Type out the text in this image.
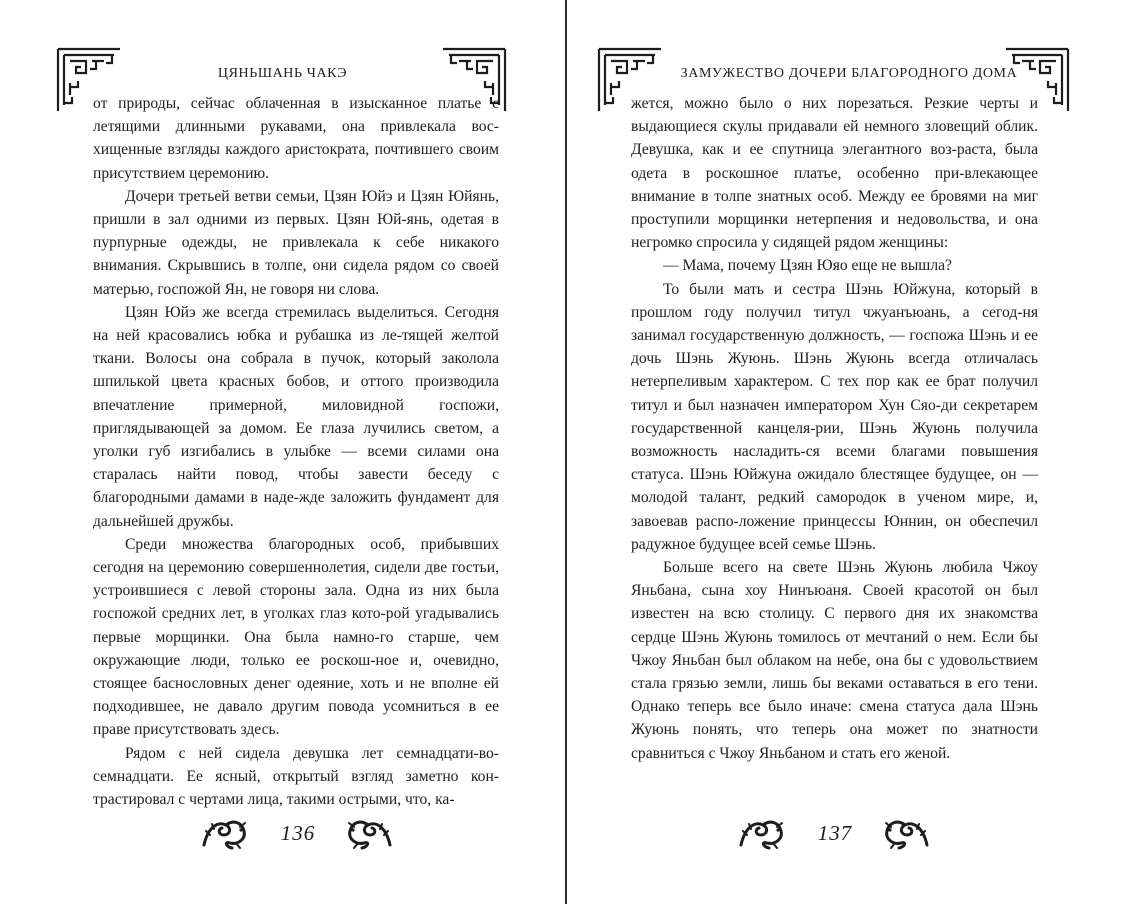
ЦЯНЬШАНЬ ЧАКЭ

от природы, сейчас облаченная в изысканное платье с летящими длинными рукавами, она привлекала вос-хищенные взгляды каждого аристократа, почтившего своим присутствием церемонию.

Дочери третьей ветви семьи, Цзян Юйэ и Цзян Юйянь, пришли в зал одними из первых. Цзян Юй-янь, одетая в пурпурные одежды, не привлекала к себе никакого внимания. Скрывшись в толпе, они сидела рядом со своей матерью, госпожой Ян, не говоря ни слова.

Цзян Юйэ же всегда стремилась выделиться. Сегодня на ней красовались юбка и рубашка из ле-тящей желтой ткани. Волосы она собрала в пучок, который заколола шпилькой цвета красных бобов, и оттого производила впечатление примерной, миловидной госпожи, приглядывающей за домом. Ее глаза лучились светом, а уголки губ изгибались в улыбке — всеми силами она старалась найти повод, чтобы завести беседу с благородными дамами в наде-жде заложить фундамент для дальнейшей дружбы.

Среди множества благородных особ, прибывших сегодня на церемонию совершеннолетия, сидели две гостьи, устроившиеся с левой стороны зала. Одна из них была госпожой средних лет, в уголках глаз кото-рой угадывались первые морщинки. Она была намно-го старше, чем окружающие люди, только ее роскош-ное и, очевидно, стоящее баснословных денег одеяние, хоть и не вполне ей подходившее, не давало другим повода усомниться в ее праве присутствовать здесь.

Рядом с ней сидела девушка лет семнадцати-во-семнадцати. Ее ясный, открытый взгляд заметно кон-трастировал с чертами лица, такими острыми, что, ка-

136
ЗАМУЖЕСТВО ДОЧЕРИ БЛАГОРОДНОГО ДОМА

жется, можно было о них порезаться. Резкие черты и выдающиеся скулы придавали ей немного зловещий облик. Девушка, как и ее спутница элегантного воз-раста, была одета в роскошное платье, особенно при-влекающее внимание в толпе знатных особ. Между ее бровями на миг проступили морщинки нетерпения и недовольства, и она негромко спросила у сидящей рядом женщины:

— Мама, почему Цзян Юяо еще не вышла?

То были мать и сестра Шэнь Юйжуна, который в прошлом году получил титул чжуанъюань, а сегод-ня занимал государственную должность, — госпожа Шэнь и ее дочь Шэнь Жуюнь. Шэнь Жуюнь всегда отличалась нетерпеливым характером. С тех пор как ее брат получил титул и был назначен императором Хун Сяо-ди секретарем государственной канцеля-рии, Шэнь Жуюнь получила возможность насладить-ся всеми благами повышения статуса. Шэнь Юйжуна ожидало блестящее будущее, он — молодой талант, редкий самородок в ученом мире, и, завоевав распо-ложение принцессы Юннин, он обеспечил радужное будущее всей семье Шэнь.

Больше всего на свете Шэнь Жуюнь любила Чжоу Яньбана, сына хоу Нинъюаня. Своей красотой он был известен на всю столицу. С первого дня их знакомства сердце Шэнь Жуюнь томилось от мечтаний о нем. Если бы Чжоу Яньбан был облаком на небе, она бы с удовольствием стала грязью земли, лишь бы веками оставаться в его тени. Однако теперь все было иначе: смена статуса дала Шэнь Жуюнь понять, что теперь она может по знатности сравниться с Чжоу Яньбаном и стать его женой.

137
